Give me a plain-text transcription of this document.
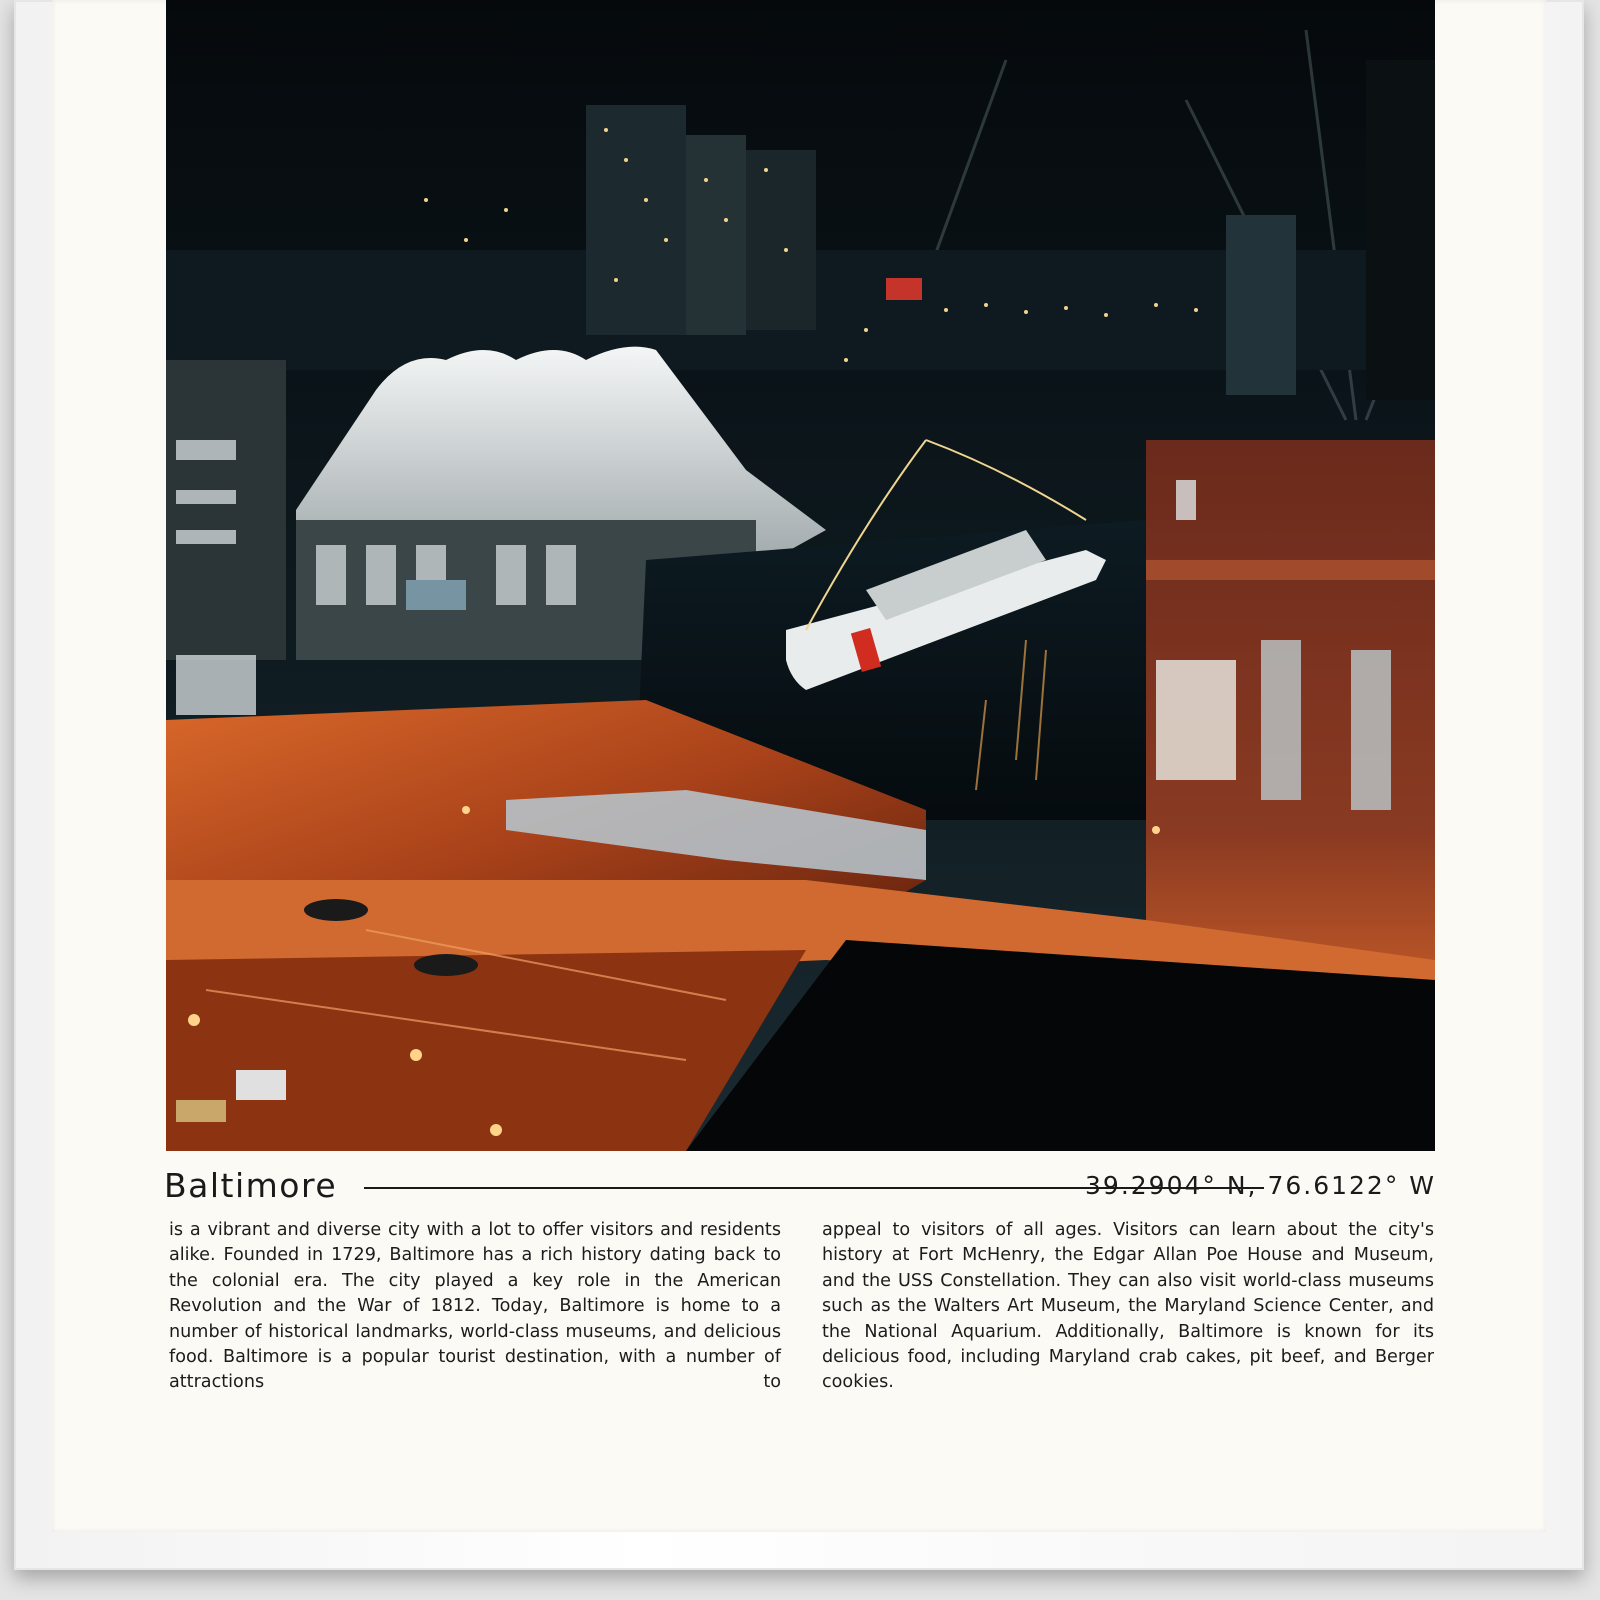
Baltimore	39.2904° N, 76.6122° W

is a vibrant and diverse city with a lot to offer visitors and residents alike. Founded in 1729, Baltimore has a rich history dating back to the colonial era. The city played a key role in the American Revolution and the War of 1812. Today, Baltimore is home to a number of historical landmarks, world-class museums, and delicious food. Baltimore is a popular tourist destination, with a number of attractions to

appeal to visitors of all ages. Visitors can learn about the city's history at Fort McHenry, the Edgar Allan Poe House and Museum, and the USS Constellation. They can also visit world-class museums such as the Walters Art Museum, the Maryland Science Center, and the National Aquarium. Additionally, Baltimore is known for its delicious food, including Maryland crab cakes, pit beef, and Berger cookies.
